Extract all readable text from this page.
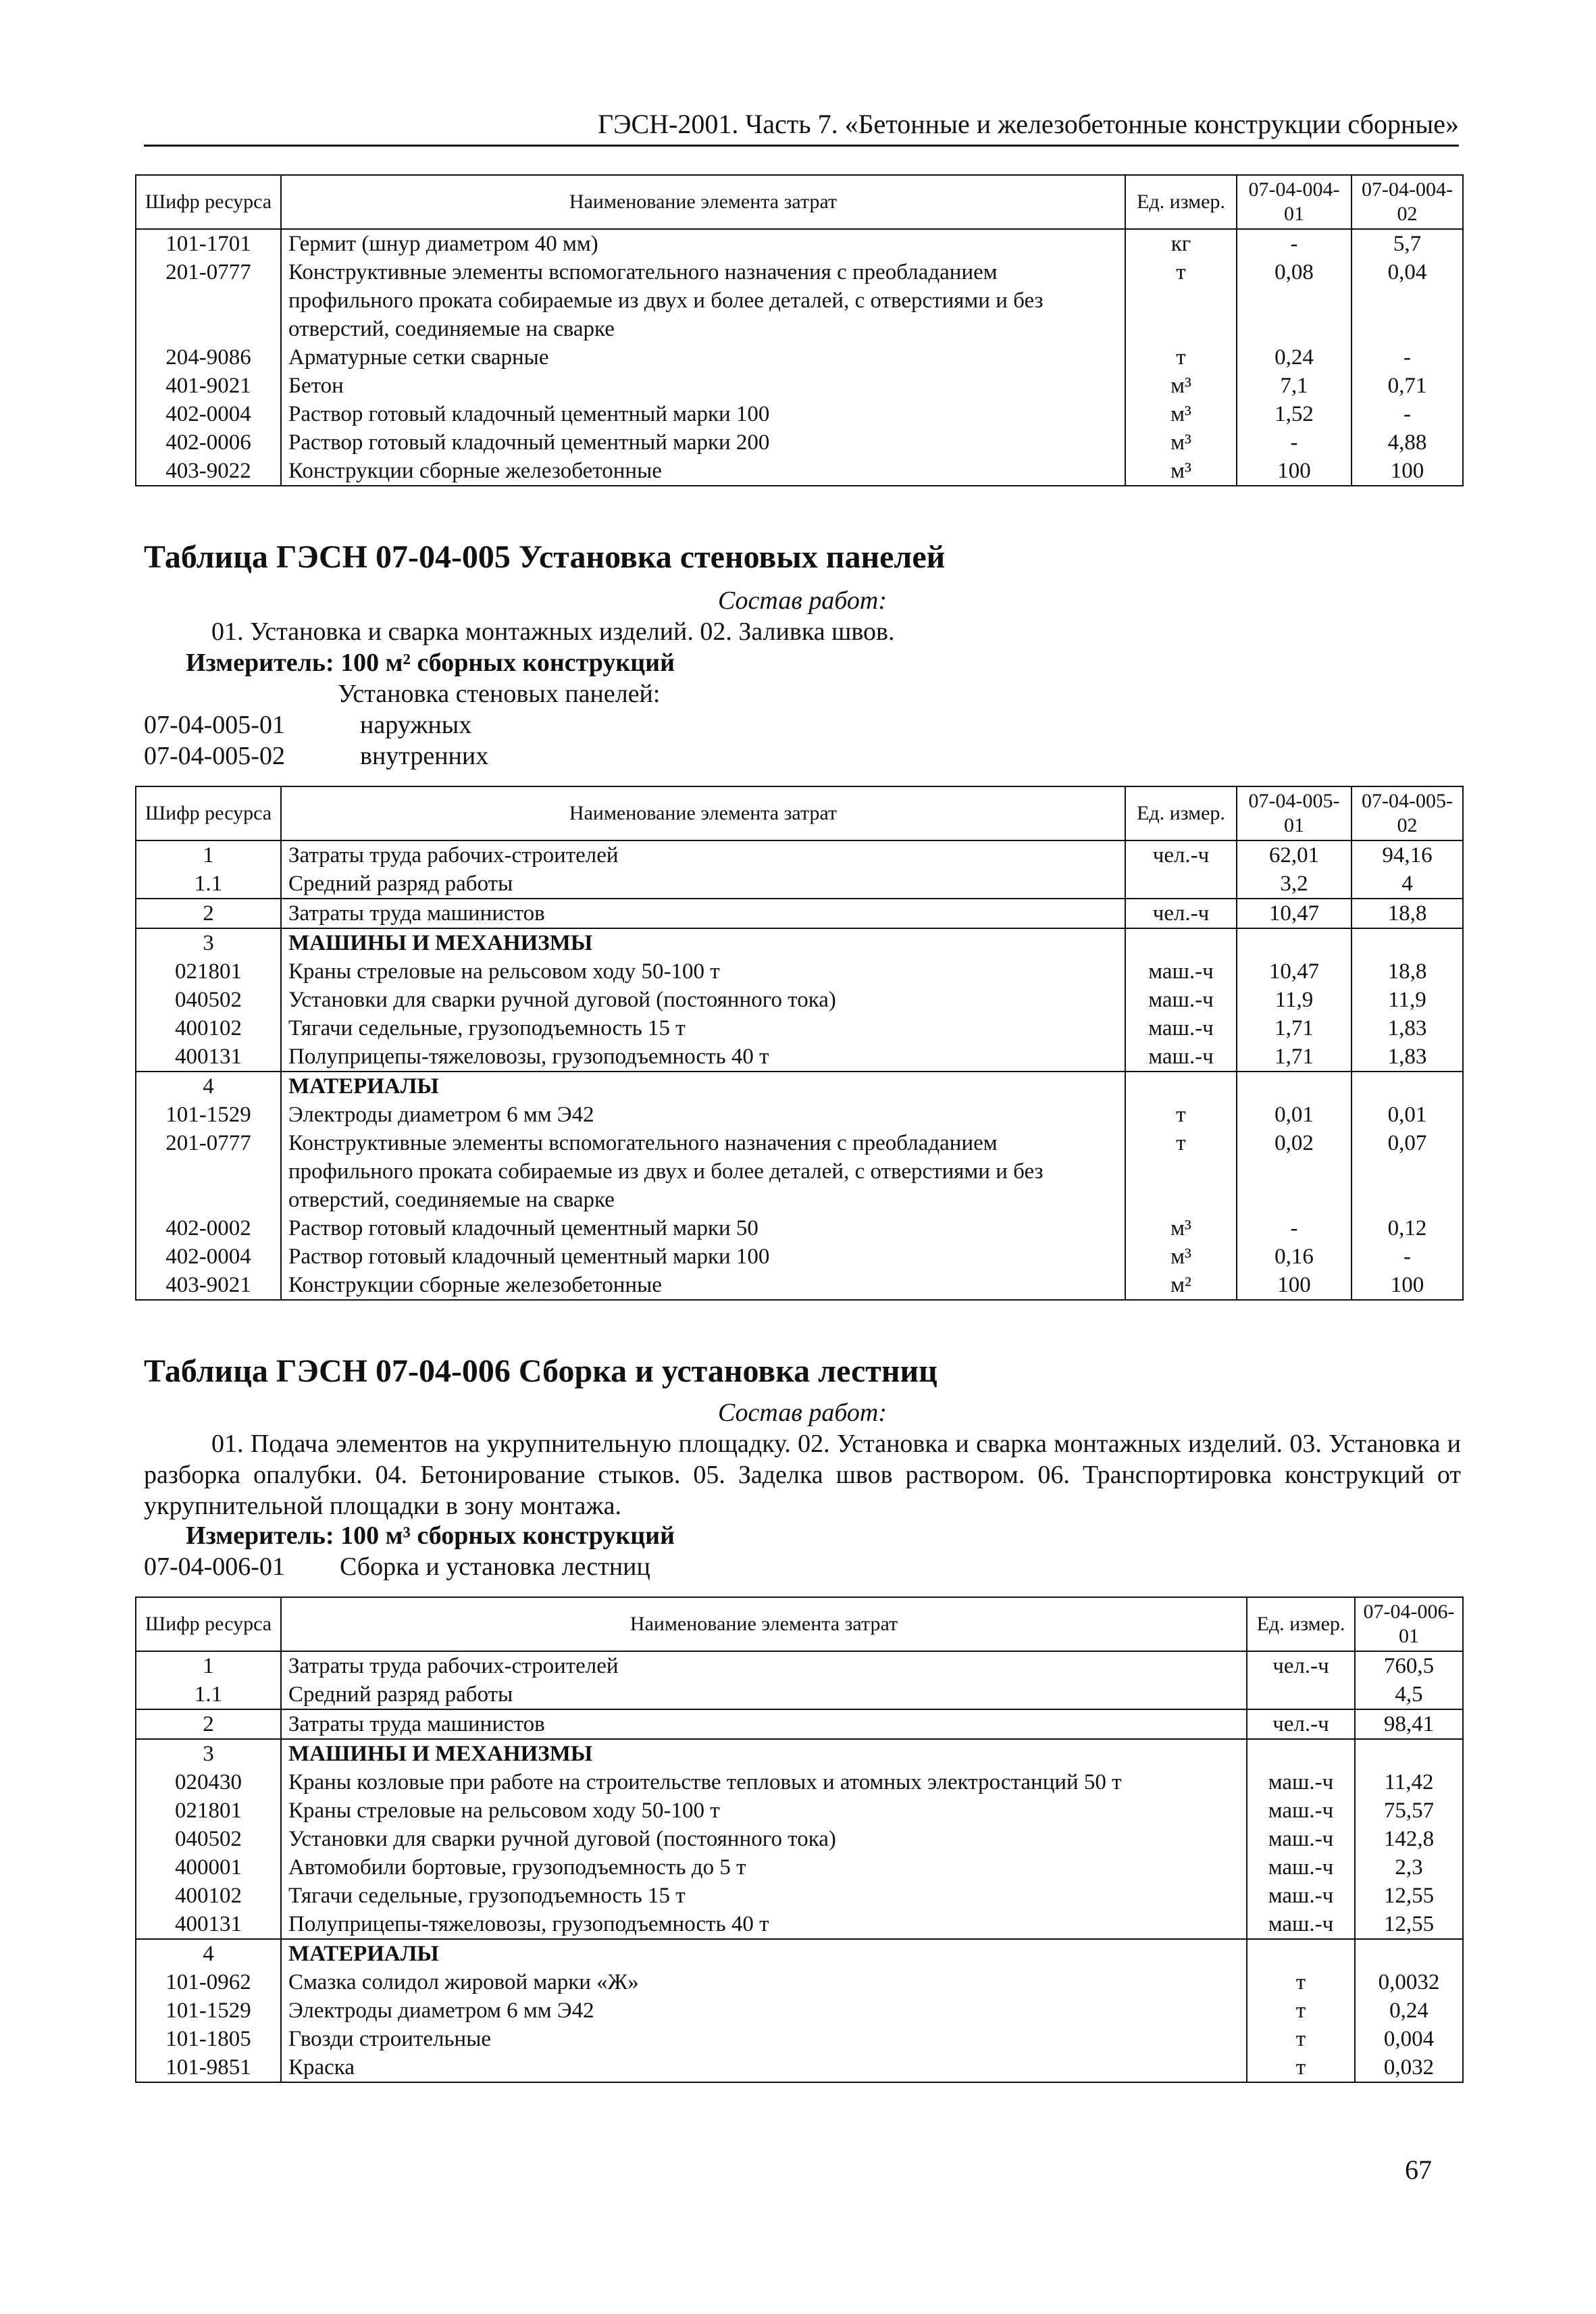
ГЭСН-2001. Часть 7. «Бетонные и железобетонные конструкции сборные»
Шифр ресурса	Наименование элемента затрат	Ед. измер.	07-04-004-01	07-04-004-02
101-1701	Гермит (шнур диаметром 40 мм)	кг	-	5,7
201-0777	Конструктивные элементы вспомогательного назначения с преобладанием профильного проката собираемые из двух и более деталей, с отверстиями и без отверстий, соединяемые на сварке	т	0,08	0,04
204-9086	Арматурные сетки сварные	т	0,24	-
401-9021	Бетон	м³	7,1	0,71
402-0004	Раствор готовый кладочный цементный марки 100	м³	1,52	-
402-0006	Раствор готовый кладочный цементный марки 200	м³	-	4,88
403-9022	Конструкции сборные железобетонные	м³	100	100
Таблица ГЭСН 07-04-005 Установка стеновых панелей
Состав работ:
01. Установка и сварка монтажных изделий. 02. Заливка швов.
Измеритель: 100 м² сборных конструкций
Установка стеновых панелей:
07-04-005-01	наружных
07-04-005-02	внутренних
Шифр ресурса	Наименование элемента затрат	Ед. измер.	07-04-005-01	07-04-005-02
1	Затраты труда рабочих-строителей	чел.-ч	62,01	94,16
1.1	Средний разряд работы		3,2	4
2	Затраты труда машинистов	чел.-ч	10,47	18,8
3	МАШИНЫ И МЕХАНИЗМЫ			
021801	Краны стреловые на рельсовом ходу 50-100 т	маш.-ч	10,47	18,8
040502	Установки для сварки ручной дуговой (постоянного тока)	маш.-ч	11,9	11,9
400102	Тягачи седельные, грузоподъемность 15 т	маш.-ч	1,71	1,83
400131	Полуприцепы-тяжеловозы, грузоподъемность 40 т	маш.-ч	1,71	1,83
4	МАТЕРИАЛЫ			
101-1529	Электроды диаметром 6 мм Э42	т	0,01	0,01
201-0777	Конструктивные элементы вспомогательного назначения с преобладанием профильного проката собираемые из двух и более деталей, с отверстиями и без отверстий, соединяемые на сварке	т	0,02	0,07
402-0002	Раствор готовый кладочный цементный марки 50	м³	-	0,12
402-0004	Раствор готовый кладочный цементный марки 100	м³	0,16	-
403-9021	Конструкции сборные железобетонные	м²	100	100
Таблица ГЭСН 07-04-006 Сборка и установка лестниц
Состав работ:
01. Подача элементов на укрупнительную площадку. 02. Установка и сварка монтажных изделий. 03. Установка и разборка опалубки. 04. Бетонирование стыков. 05. Заделка швов раствором. 06. Транспортировка конструкций от укрупнительной площадки в зону монтажа.
Измеритель: 100 м³ сборных конструкций
07-04-006-01 Сборка и установка лестниц
Шифр ресурса	Наименование элемента затрат	Ед. измер.	07-04-006-01
1	Затраты труда рабочих-строителей	чел.-ч	760,5
1.1	Средний разряд работы		4,5
2	Затраты труда машинистов	чел.-ч	98,41
3	МАШИНЫ И МЕХАНИЗМЫ		
020430	Краны козловые при работе на строительстве тепловых и атомных электростанций 50 т	маш.-ч	11,42
021801	Краны стреловые на рельсовом ходу 50-100 т	маш.-ч	75,57
040502	Установки для сварки ручной дуговой (постоянного тока)	маш.-ч	142,8
400001	Автомобили бортовые, грузоподъемность до 5 т	маш.-ч	2,3
400102	Тягачи седельные, грузоподъемность 15 т	маш.-ч	12,55
400131	Полуприцепы-тяжеловозы, грузоподъемность 40 т	маш.-ч	12,55
4	МАТЕРИАЛЫ		
101-0962	Смазка солидол жировой марки «Ж»	т	0,0032
101-1529	Электроды диаметром 6 мм Э42	т	0,24
101-1805	Гвозди строительные	т	0,004
101-9851	Краска	т	0,032
67
